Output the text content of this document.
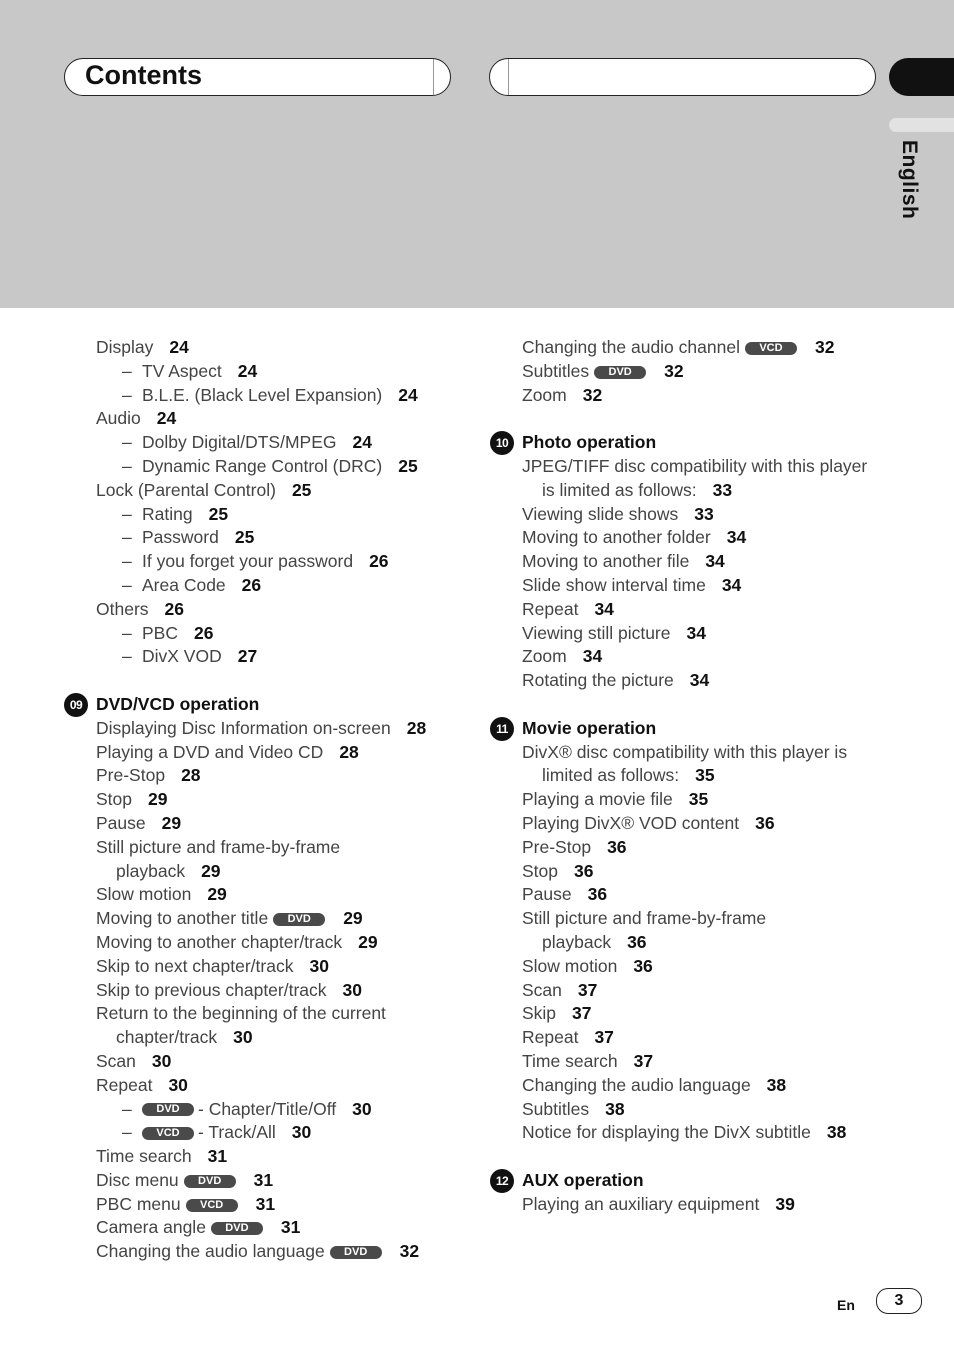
Contents
English
Display 24
– TV Aspect 24
– B.L.E. (Black Level Expansion) 24
Audio 24
– Dolby Digital/DTS/MPEG 24
– Dynamic Range Control (DRC) 25
Lock (Parental Control) 25
– Rating 25
– Password 25
– If you forget your password 26
– Area Code 26
Others 26
– PBC 26
– DivX VOD 27
09 DVD/VCD operation
Displaying Disc Information on-screen 28
Playing a DVD and Video CD 28
Pre-Stop 28
Stop 29
Pause 29
Still picture and frame-by-frame
playback 29
Slow motion 29
Moving to another title DVD 29
Moving to another chapter/track 29
Skip to next chapter/track 30
Skip to previous chapter/track 30
Return to the beginning of the current
chapter/track 30
Scan 30
Repeat 30
– DVD - Chapter/Title/Off 30
– VCD - Track/All 30
Time search 31
Disc menu DVD 31
PBC menu VCD 31
Camera angle DVD 31
Changing the audio language DVD 32
Changing the audio channel VCD 32
Subtitles DVD 32
Zoom 32
10 Photo operation
JPEG/TIFF disc compatibility with this player
is limited as follows: 33
Viewing slide shows 33
Moving to another folder 34
Moving to another file 34
Slide show interval time 34
Repeat 34
Viewing still picture 34
Zoom 34
Rotating the picture 34
11 Movie operation
DivX® disc compatibility with this player is
limited as follows: 35
Playing a movie file 35
Playing DivX® VOD content 36
Pre-Stop 36
Stop 36
Pause 36
Still picture and frame-by-frame
playback 36
Slow motion 36
Scan 37
Skip 37
Repeat 37
Time search 37
Changing the audio language 38
Subtitles 38
Notice for displaying the DivX subtitle 38
12 AUX operation
Playing an auxiliary equipment 39
En	3
